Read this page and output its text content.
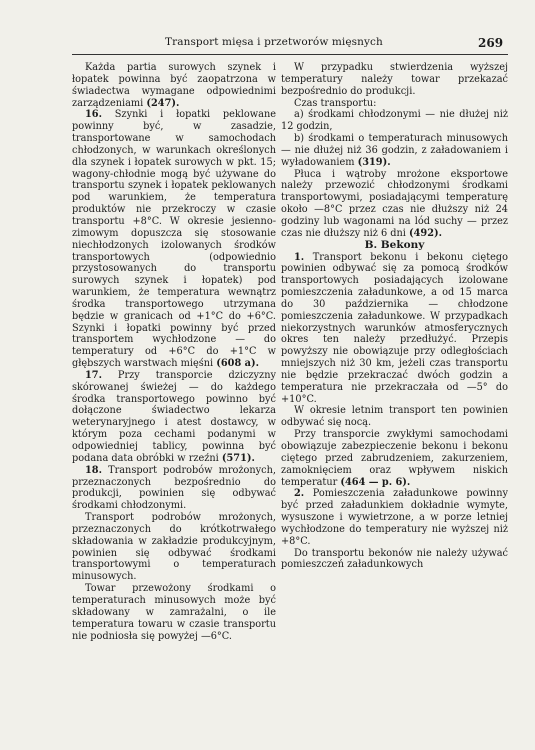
Transport mięsa i przetworów mięsnych	269

Każda partia surowych szynek i łopatek powinna być zaopatrzona w świadectwa wymagane odpowiednimi zarządzeniami (247).

16. Szynki i łopatki peklowane powinny być, w zasadzie, transportowane w samochodach chłodzonych, w warunkach określonych dla szynek i łopatek surowych w pkt. 15; wagony-chłodnie mogą być używane do transportu szynek i łopatek peklowanych pod warunkiem, że temperatura produktów nie przekroczy w czasie transportu +8°C. W okresie jesienno-zimowym dopuszcza się stosowanie niechłodzonych izolowanych środków transportowych (odpowiednio przystosowanych do transportu surowych szynek i łopatek) pod warunkiem, że temperatura wewnątrz środka transportowego utrzymana będzie w granicach od +1°C do +6°C. Szynki i łopatki powinny być przed transportem wychłodzone — do temperatury od +6°C do +1°C w głębszych warstwach mięśni (608 a).

17. Przy transporcie dziczyzny skórowanej świeżej — do każdego środka transportowego powinno być dołączone świadectwo lekarza weterynaryjnego i atest dostawcy, w którym poza cechami podanymi w odpowiedniej tablicy, powinna być podana data obróbki w rzeźni (571).

18. Transport podrobów mrożonych, przeznaczonych bezpośrednio do produkcji, powinien się odbywać środkami chłodzonymi.

Transport podrobów mrożonych, przeznaczonych do krótkotrwałego składowania w zakładzie produkcyjnym, powinien się odbywać środkami transportowymi o temperaturach minusowych.

Towar przewożony środkami o temperaturach minusowych może być składowany w zamrażalni, o ile temperatura towaru w czasie transportu nie podniosła się powyżej —6°C.

W przypadku stwierdzenia wyższej temperatury należy towar przekazać bezpośrednio do produkcji.

Czas transportu:

a) środkami chłodzonymi — nie dłużej niż 12 godzin,

b) środkami o temperaturach minusowych — nie dłużej niż 36 godzin, z załadowaniem i wyładowaniem (319).

Płuca i wątroby mrożone eksportowe należy przewozić chłodzonymi środkami transportowymi, posiadającymi temperaturę około —8°C przez czas nie dłuższy niż 24 godziny lub wagonami na lód suchy — przez czas nie dłuższy niż 6 dni (492).

B. Bekony

1. Transport bekonu i bekonu ciętego powinien odbywać się za pomocą środków transportowych posiadających izolowane pomieszczenia załadunkowe, a od 15 marca do 30 października — chłodzone pomieszczenia załadunkowe. W przypadkach niekorzystnych warunków atmosferycznych okres ten należy przedłużyć. Przepis powyższy nie obowiązuje przy odległościach mniejszych niż 30 km, jeżeli czas transportu nie będzie przekraczać dwóch godzin a temperatura nie przekraczała od —5° do +10°C.

W okresie letnim transport ten powinien odbywać się nocą.

Przy transporcie zwykłymi samochodami obowiązuje zabezpieczenie bekonu i bekonu ciętego przed zabrudzeniem, zakurzeniem, zamoknięciem oraz wpływem niskich temperatur (464 — p. 6).

2. Pomieszczenia załadunkowe powinny być przed załadunkiem dokładnie wymyte, wysuszone i wywietrzone, a w porze letniej wychłodzone do temperatury nie wyższej niż +8°C.

Do transportu bekonów nie należy używać pomieszczeń załadunkowych
